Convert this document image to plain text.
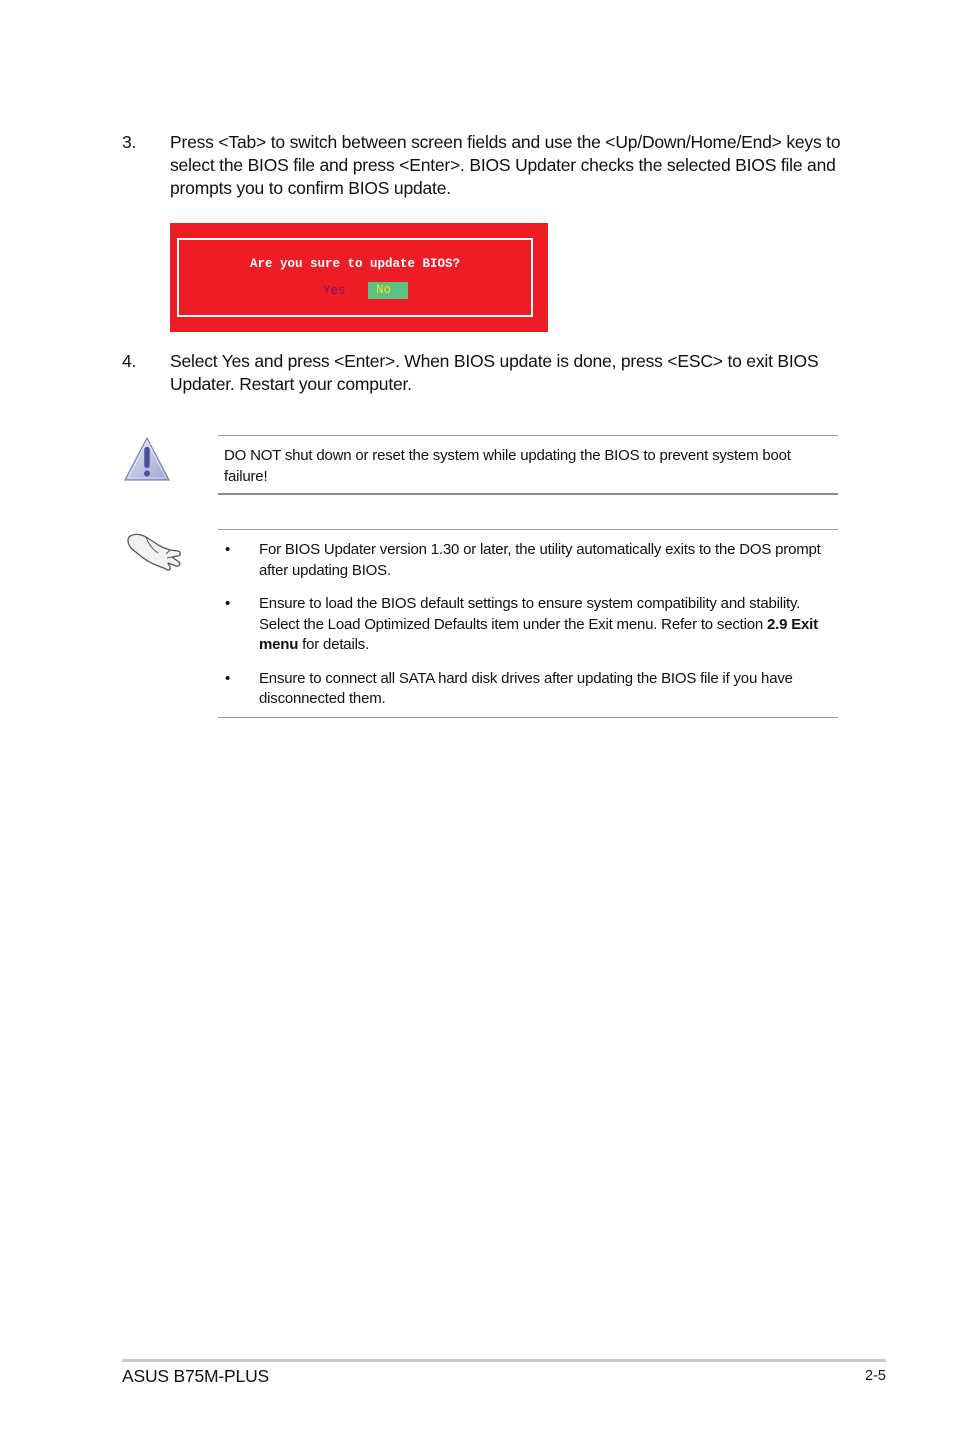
3. Press <Tab> to switch between screen fields and use the <Up/Down/Home/End> keys to select the BIOS file and press <Enter>. BIOS Updater checks the selected BIOS file and prompts you to confirm BIOS update.
Are you sure to update BIOS?
Yes	No
4. Select Yes and press <Enter>. When BIOS update is done, press <ESC> to exit BIOS Updater. Restart your computer.
DO NOT shut down or reset the system while updating the BIOS to prevent system boot failure!
• For BIOS Updater version 1.30 or later, the utility automatically exits to the DOS prompt after updating BIOS.
• Ensure to load the BIOS default settings to ensure system compatibility and stability. Select the Load Optimized Defaults item under the Exit menu. Refer to section 2.9 Exit menu for details.
• Ensure to connect all SATA hard disk drives after updating the BIOS file if you have disconnected them.
ASUS B75M-PLUS	2-5
